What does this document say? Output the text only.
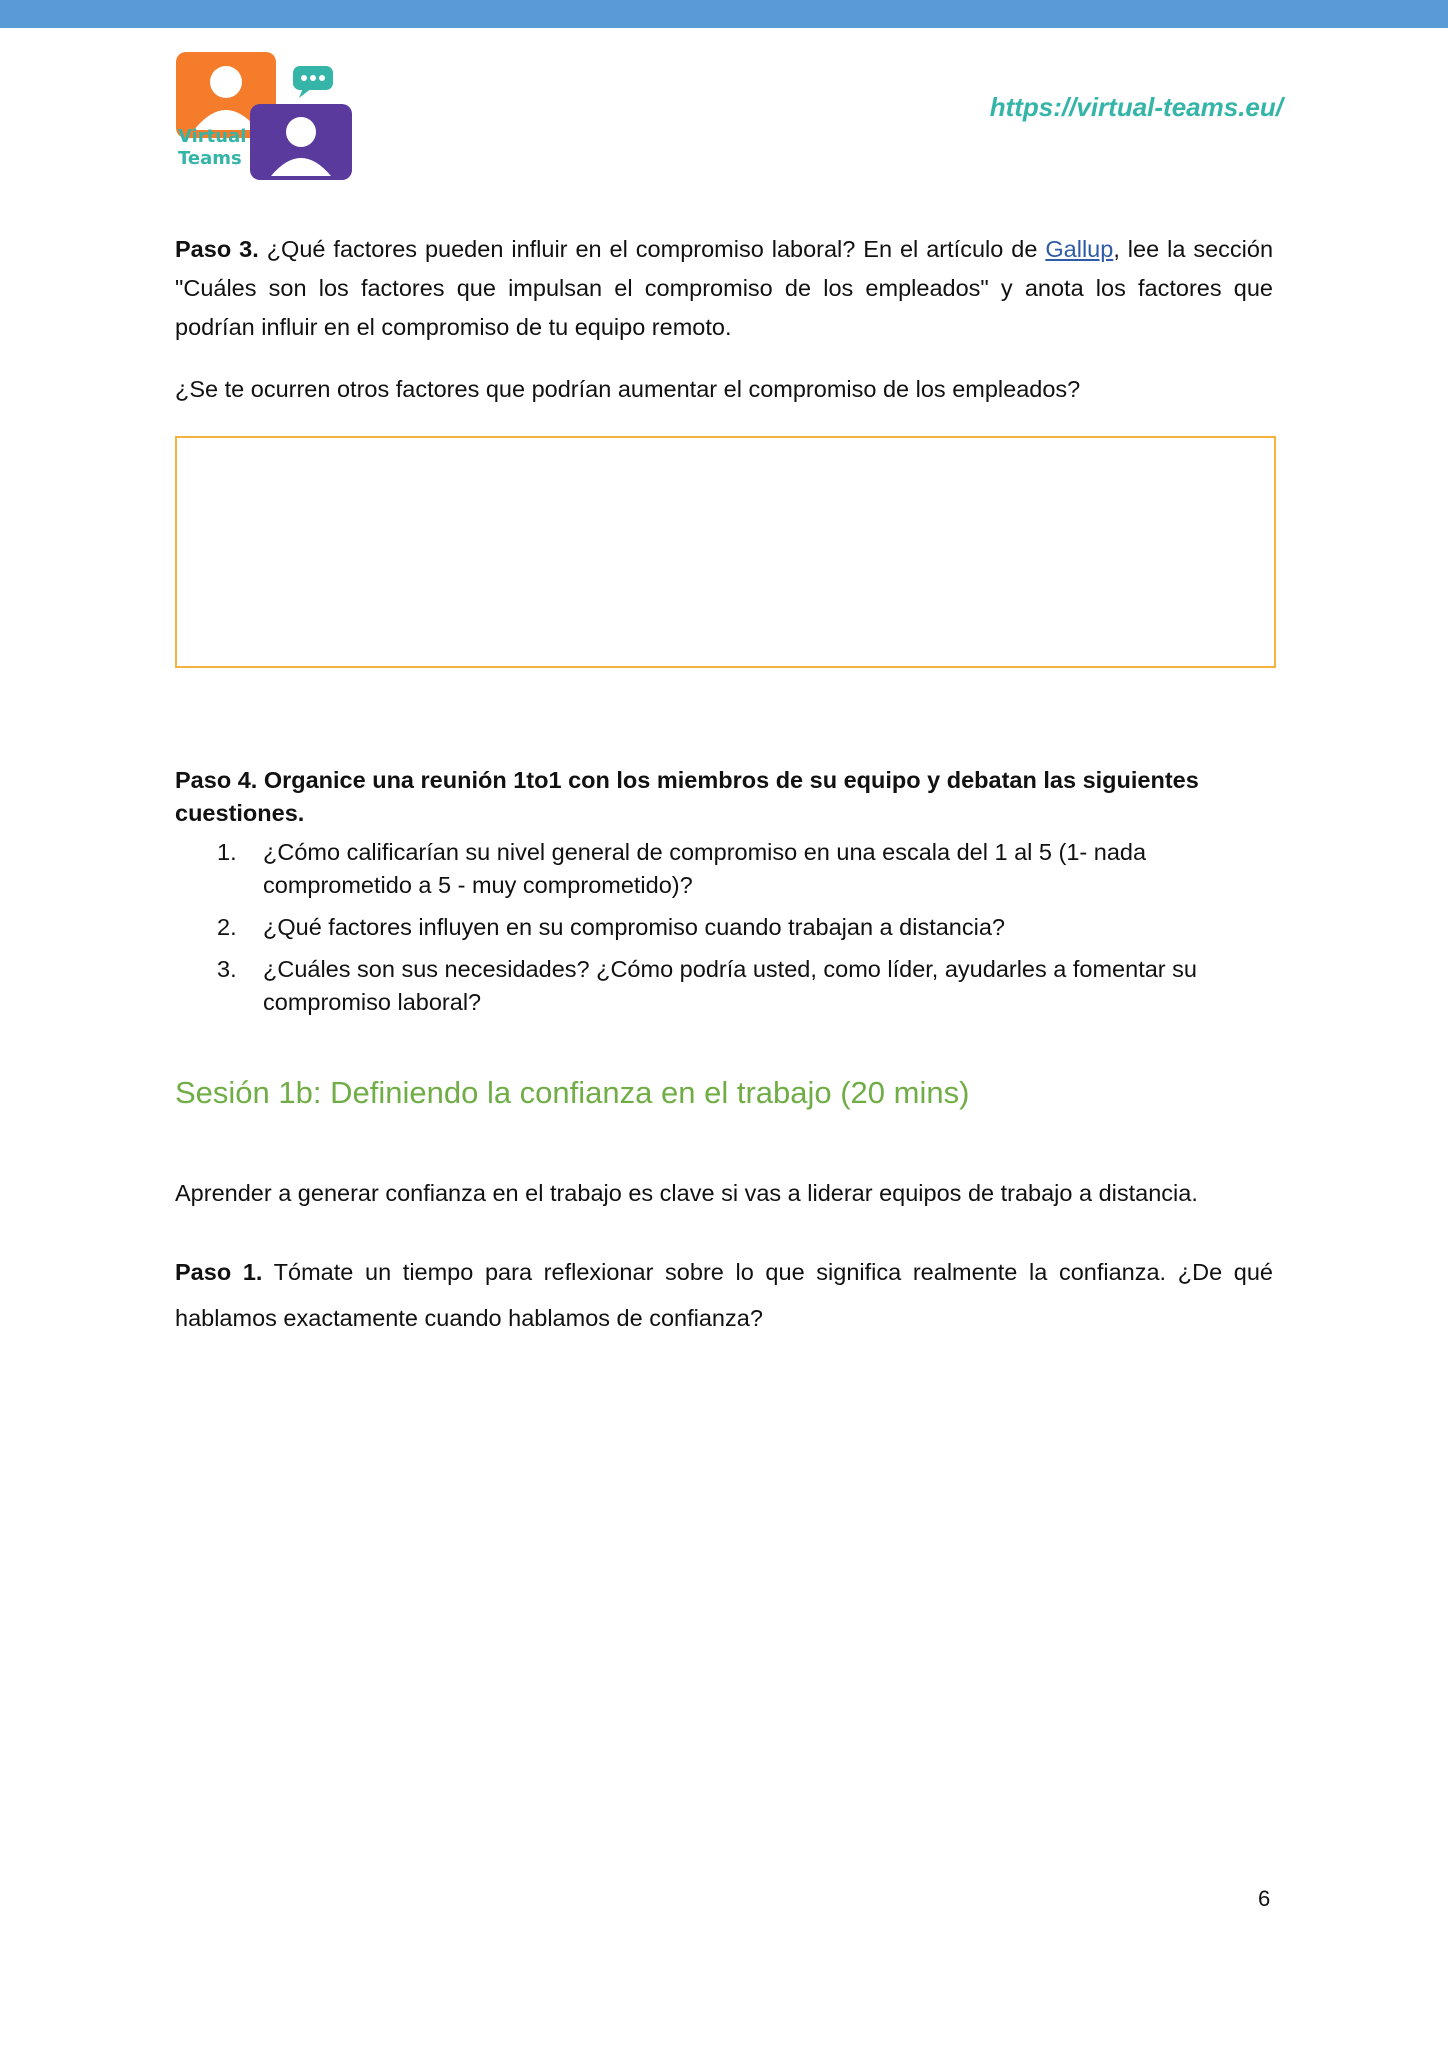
Virtual
Teams
https://virtual-teams.eu/

Paso 3. ¿Qué factores pueden influir en el compromiso laboral? En el artículo de Gallup, lee la sección "Cuáles son los factores que impulsan el compromiso de los empleados" y anota los factores que podrían influir en el compromiso de tu equipo remoto.

¿Se te ocurren otros factores que podrían aumentar el compromiso de los empleados?

Paso 4. Organice una reunión 1to1 con los miembros de su equipo y debatan las siguientes cuestiones.

Sesión 1b: Definiendo la confianza en el trabajo (20 mins)

Aprender a generar confianza en el trabajo es clave si vas a liderar equipos de trabajo a distancia.

Paso 1. Tómate un tiempo para reflexionar sobre lo que significa realmente la confianza. ¿De qué hablamos exactamente cuando hablamos de confianza?

1. ¿Cómo calificarían su nivel general de compromiso en una escala del 1 al 5 (1- nada comprometido a 5 - muy comprometido)?
2. ¿Qué factores influyen en su compromiso cuando trabajan a distancia?
3. ¿Cuáles son sus necesidades? ¿Cómo podría usted, como líder, ayudarles a fomentar su compromiso laboral?
6
